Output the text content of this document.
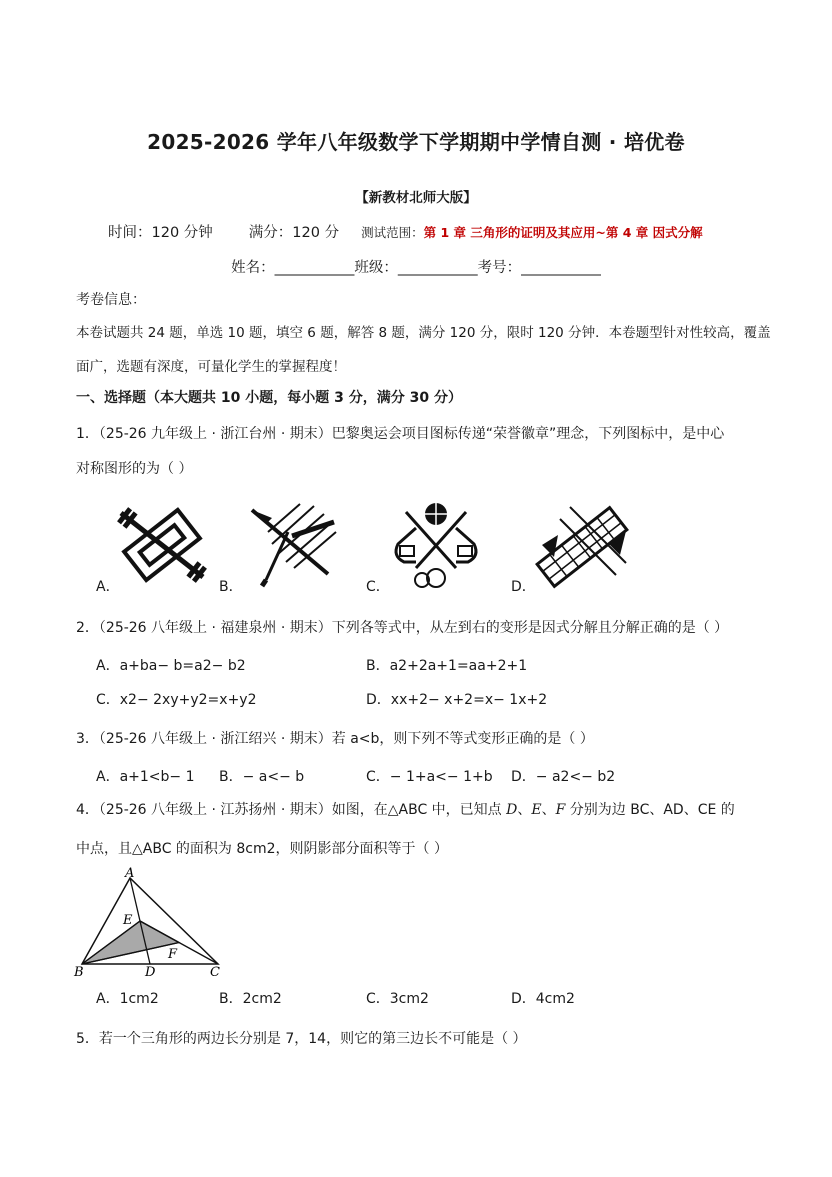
2025-2026 学年八年级数学下学期期中学情自测 · 培优卷
【新教材北师大版】
时间：120 分钟 满分：120 分 测试范围：第 1 章 三角形的证明及其应用~第 4 章 因式分解
姓名：___________班级：___________考号：___________
考卷信息：
本卷试题共 24 题，单选 10 题，填空 6 题，解答 8 题，满分 120 分，限时 120 分钟．本卷题型针对性较高，覆盖
面广，选题有深度，可量化学生的掌握程度！
一、选择题（本大题共 10 小题，每小题 3 分，满分 30 分）
1．（25-26 九年级上 · 浙江台州 · 期末）巴黎奥运会项目图标传递“荣誉徽章”理念，下列图标中，是中心
对称图形的为（ ）
A．	B．	C．	D．
2．（25-26 八年级上 · 福建泉州 · 期末）下列各等式中，从左到右的变形是因式分解且分解正确的是（ ）
A．a+ba− b=a2− b2	B．a2+2a+1=aa+2+1
C．x2− 2xy+y2=x+y2	D．xx+2− x+2=x− 1x+2
3．（25-26 八年级上 · 浙江绍兴 · 期末）若 a<b，则下列不等式变形正确的是（ ）
A．a+1<b− 1 B．− a<− b	C．− 1+a<− 1+b D．− a2<− b2
4．（25-26 八年级上 · 江苏扬州 · 期末）如图，在△ABC 中，已知点 D、E、F 分别为边 BC、AD、CE 的
中点，且△ABC 的面积为 8cm2，则阴影部分面积等于（ ）
A
B	C
D
E
F
A．1cm2	B．2cm2	C．3cm2	D．4cm2
5．若一个三角形的两边长分别是 7，14，则它的第三边长不可能是（ ）
